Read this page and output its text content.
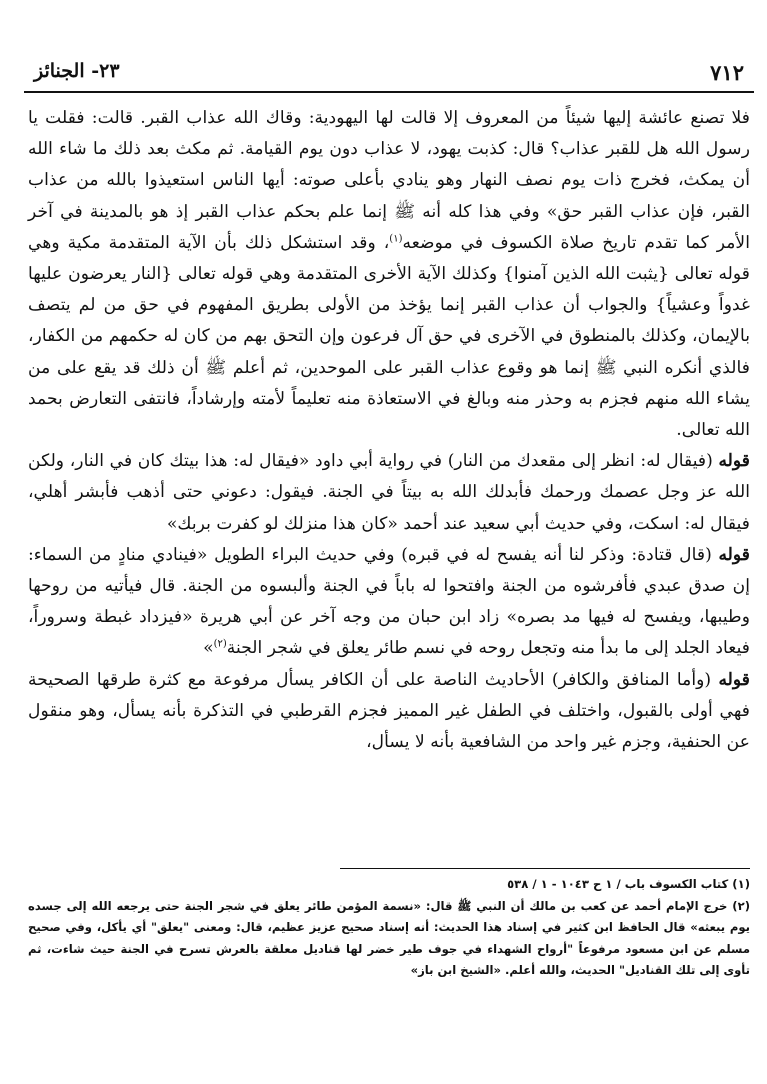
٧١٢
٢٣- الجنائز

فلا تصنع عائشة إليها شيئاً من المعروف إلا قالت لها اليهودية: وقاك الله عذاب القبر. قالت: فقلت يا رسول الله هل للقبر عذاب؟ قال: كذبت يهود، لا عذاب دون يوم القيامة. ثم مكث بعد ذلك ما شاء الله أن يمكث، فخرج ذات يوم نصف النهار وهو ينادي بأعلى صوته: أيها الناس استعيذوا بالله من عذاب القبر، فإن عذاب القبر حق» وفي هذا كله أنه ﷺ إنما علم بحكم عذاب القبر إذ هو بالمدينة في آخر الأمر كما تقدم تاريخ صلاة الكسوف في موضعه$^{(١)}$، وقد استشكل ذلك بأن الآية المتقدمة مكية وهي قوله تعالى {يثبت الله الذين آمنوا} وكذلك الآية الأخرى المتقدمة وهي قوله تعالى {النار يعرضون عليها غدواً وعشياً} والجواب أن عذاب القبر إنما يؤخذ من الأولى بطريق المفهوم في حق من لم يتصف بالإيمان، وكذلك بالمنطوق في الآخرى في حق آل فرعون وإن التحق بهم من كان له حكمهم من الكفار، فالذي أنكره النبي ﷺ إنما هو وقوع عذاب القبر على الموحدين، ثم أعلم ﷺ أن ذلك قد يقع على من يشاء الله منهم فجزم به وحذر منه وبالغ في الاستعاذة منه تعليماً لأمته وإرشاداً، فانتفى التعارض بحمد الله تعالى.

قوله (فيقال له: انظر إلى مقعدك من النار) في رواية أبي داود «فيقال له: هذا بيتك كان في النار، ولكن الله عز وجل عصمك ورحمك فأبدلك الله به بيتاً في الجنة. فيقول: دعوني حتى أذهب فأبشر أهلي، فيقال له: اسكت، وفي حديث أبي سعيد عند أحمد «كان هذا منزلك لو كفرت بربك»

قوله (قال قتادة: وذكر لنا أنه يفسح له في قبره) وفي حديث البراء الطويل «فينادي منادٍ من السماء: إن صدق عبدي فأفرشوه من الجنة وافتحوا له باباً في الجنة وألبسوه من الجنة. قال فيأتيه من روحها وطيبها، ويفسح له فيها مد بصره» زاد ابن حبان من وجه آخر عن أبي هريرة «فيزداد غبطة وسروراً، فيعاد الجلد إلى ما بدأ منه وتجعل روحه في نسم طائر يعلق في شجر الجنة$^{(٢)}$»

قوله (وأما المنافق والكافر) الأحاديث الناصة على أن الكافر يسأل مرفوعة مع كثرة طرقها الصحيحة فهي أولى بالقبول، واختلف في الطفل غير المميز فجزم القرطبي في التذكرة بأنه يسأل، وهو منقول عن الحنفية، وجزم غير واحد من الشافعية بأنه لا يسأل،

(١) كتاب الكسوف باب / ١ ح ١٠٤٣ - ١ / ٥٣٨

(٢) خرج الإمام أحمد عن كعب بن مالك أن النبي ﷺ قال: «نسمة المؤمن طائر يعلق في شجر الجنة حتى يرجعه الله إلى جسده يوم يبعثه» قال الحافظ ابن كثير في إسناد هذا الحديث: أنه إسناد صحيح عزيز عظيم، قال: ومعنى "يعلق" أي يأكل، وفي صحيح مسلم عن ابن مسعود مرفوعاً "أرواح الشهداء في جوف طير خضر لها قناديل معلقة بالعرش تسرح في الجنة حيث شاءت، ثم تأوى إلى تلك القناديل" الحديث، والله أعلم. «الشيخ ابن باز»
